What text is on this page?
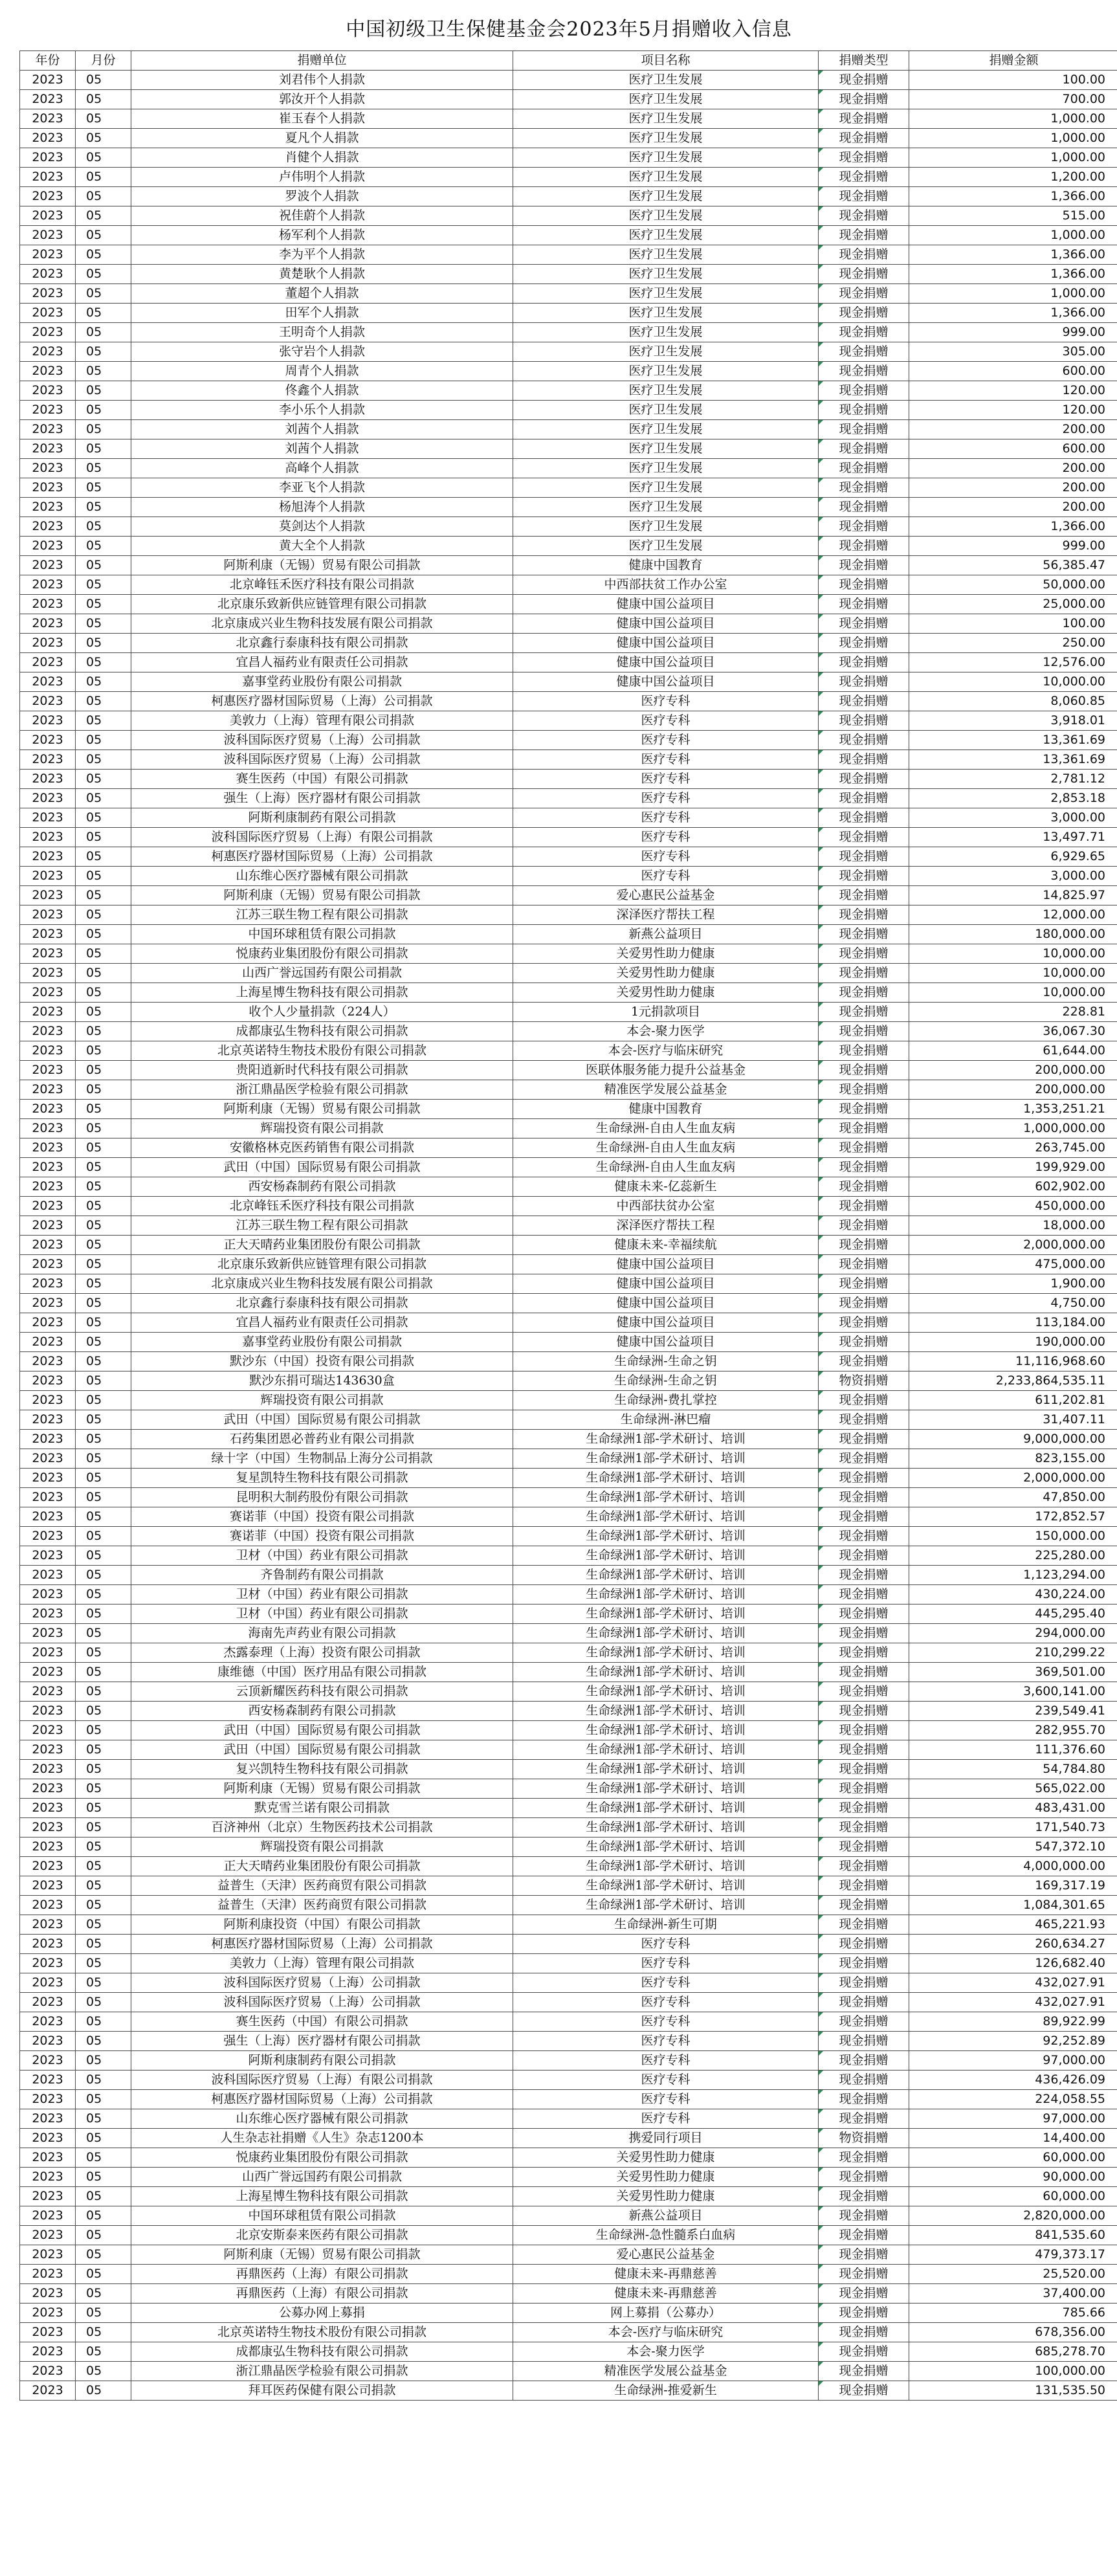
中国初级卫生保健基金会2023年5月捐赠收入信息
年份	月份	捐赠单位	项目名称	捐赠类型	捐赠金额
2023	05	刘君伟个人捐款	医疗卫生发展	现金捐赠	100.00
2023	05	郭汝开个人捐款	医疗卫生发展	现金捐赠	700.00
2023	05	崔玉春个人捐款	医疗卫生发展	现金捐赠	1,000.00
2023	05	夏凡个人捐款	医疗卫生发展	现金捐赠	1,000.00
2023	05	肖健个人捐款	医疗卫生发展	现金捐赠	1,000.00
2023	05	卢伟明个人捐款	医疗卫生发展	现金捐赠	1,200.00
2023	05	罗波个人捐款	医疗卫生发展	现金捐赠	1,366.00
2023	05	祝佳蔚个人捐款	医疗卫生发展	现金捐赠	515.00
2023	05	杨军利个人捐款	医疗卫生发展	现金捐赠	1,000.00
2023	05	李为平个人捐款	医疗卫生发展	现金捐赠	1,366.00
2023	05	黄楚耿个人捐款	医疗卫生发展	现金捐赠	1,366.00
2023	05	董超个人捐款	医疗卫生发展	现金捐赠	1,000.00
2023	05	田军个人捐款	医疗卫生发展	现金捐赠	1,366.00
2023	05	王明奇个人捐款	医疗卫生发展	现金捐赠	999.00
2023	05	张守岩个人捐款	医疗卫生发展	现金捐赠	305.00
2023	05	周青个人捐款	医疗卫生发展	现金捐赠	600.00
2023	05	佟鑫个人捐款	医疗卫生发展	现金捐赠	120.00
2023	05	李小乐个人捐款	医疗卫生发展	现金捐赠	120.00
2023	05	刘茜个人捐款	医疗卫生发展	现金捐赠	200.00
2023	05	刘茜个人捐款	医疗卫生发展	现金捐赠	600.00
2023	05	高峰个人捐款	医疗卫生发展	现金捐赠	200.00
2023	05	李亚飞个人捐款	医疗卫生发展	现金捐赠	200.00
2023	05	杨旭涛个人捐款	医疗卫生发展	现金捐赠	200.00
2023	05	莫剑达个人捐款	医疗卫生发展	现金捐赠	1,366.00
2023	05	黄大全个人捐款	医疗卫生发展	现金捐赠	999.00
2023	05	阿斯利康（无锡）贸易有限公司捐款	健康中国教育	现金捐赠	56,385.47
2023	05	北京峰钰禾医疗科技有限公司捐款	中西部扶贫工作办公室	现金捐赠	50,000.00
2023	05	北京康乐致新供应链管理有限公司捐款	健康中国公益项目	现金捐赠	25,000.00
2023	05	北京康成兴业生物科技发展有限公司捐款	健康中国公益项目	现金捐赠	100.00
2023	05	北京鑫行泰康科技有限公司捐款	健康中国公益项目	现金捐赠	250.00
2023	05	宜昌人福药业有限责任公司捐款	健康中国公益项目	现金捐赠	12,576.00
2023	05	嘉事堂药业股份有限公司捐款	健康中国公益项目	现金捐赠	10,000.00
2023	05	柯惠医疗器材国际贸易（上海）公司捐款	医疗专科	现金捐赠	8,060.85
2023	05	美敦力（上海）管理有限公司捐款	医疗专科	现金捐赠	3,918.01
2023	05	波科国际医疗贸易（上海）公司捐款	医疗专科	现金捐赠	13,361.69
2023	05	波科国际医疗贸易（上海）公司捐款	医疗专科	现金捐赠	13,361.69
2023	05	赛生医药（中国）有限公司捐款	医疗专科	现金捐赠	2,781.12
2023	05	强生（上海）医疗器材有限公司捐款	医疗专科	现金捐赠	2,853.18
2023	05	阿斯利康制药有限公司捐款	医疗专科	现金捐赠	3,000.00
2023	05	波科国际医疗贸易（上海）有限公司捐款	医疗专科	现金捐赠	13,497.71
2023	05	柯惠医疗器材国际贸易（上海）公司捐款	医疗专科	现金捐赠	6,929.65
2023	05	山东维心医疗器械有限公司捐款	医疗专科	现金捐赠	3,000.00
2023	05	阿斯利康（无锡）贸易有限公司捐款	爱心惠民公益基金	现金捐赠	14,825.97
2023	05	江苏三联生物工程有限公司捐款	深泽医疗帮扶工程	现金捐赠	12,000.00
2023	05	中国环球租赁有限公司捐款	新燕公益项目	现金捐赠	180,000.00
2023	05	悦康药业集团股份有限公司捐款	关爱男性助力健康	现金捐赠	10,000.00
2023	05	山西广誉远国药有限公司捐款	关爱男性助力健康	现金捐赠	10,000.00
2023	05	上海星博生物科技有限公司捐款	关爱男性助力健康	现金捐赠	10,000.00
2023	05	收个人少量捐款（224人）	1元捐款项目	现金捐赠	228.81
2023	05	成都康弘生物科技有限公司捐款	本会-聚力医学	现金捐赠	36,067.30
2023	05	北京英诺特生物技术股份有限公司捐款	本会-医疗与临床研究	现金捐赠	61,644.00
2023	05	贵阳逍新时代科技有限公司捐款	医联体服务能力提升公益基金	现金捐赠	200,000.00
2023	05	浙江鼎晶医学检验有限公司捐款	精准医学发展公益基金	现金捐赠	200,000.00
2023	05	阿斯利康（无锡）贸易有限公司捐款	健康中国教育	现金捐赠	1,353,251.21
2023	05	辉瑞投资有限公司捐款	生命绿洲-自由人生血友病	现金捐赠	1,000,000.00
2023	05	安徽格林克医药销售有限公司捐款	生命绿洲-自由人生血友病	现金捐赠	263,745.00
2023	05	武田（中国）国际贸易有限公司捐款	生命绿洲-自由人生血友病	现金捐赠	199,929.00
2023	05	西安杨森制药有限公司捐款	健康未来-亿蕊新生	现金捐赠	602,902.00
2023	05	北京峰钰禾医疗科技有限公司捐款	中西部扶贫办公室	现金捐赠	450,000.00
2023	05	江苏三联生物工程有限公司捐款	深泽医疗帮扶工程	现金捐赠	18,000.00
2023	05	正大天晴药业集团股份有限公司捐款	健康未来-幸福续航	现金捐赠	2,000,000.00
2023	05	北京康乐致新供应链管理有限公司捐款	健康中国公益项目	现金捐赠	475,000.00
2023	05	北京康成兴业生物科技发展有限公司捐款	健康中国公益项目	现金捐赠	1,900.00
2023	05	北京鑫行泰康科技有限公司捐款	健康中国公益项目	现金捐赠	4,750.00
2023	05	宜昌人福药业有限责任公司捐款	健康中国公益项目	现金捐赠	113,184.00
2023	05	嘉事堂药业股份有限公司捐款	健康中国公益项目	现金捐赠	190,000.00
2023	05	默沙东（中国）投资有限公司捐款	生命绿洲-生命之钥	现金捐赠	11,116,968.60
2023	05	默沙东捐可瑞达143630盒	生命绿洲-生命之钥	物资捐赠	2,233,864,535.11
2023	05	辉瑞投资有限公司捐款	生命绿洲-费扎掌控	现金捐赠	611,202.81
2023	05	武田（中国）国际贸易有限公司捐款	生命绿洲-淋巴瘤	现金捐赠	31,407.11
2023	05	石药集团恩必普药业有限公司捐款	生命绿洲1部-学术研讨、培训	现金捐赠	9,000,000.00
2023	05	绿十字（中国）生物制品上海分公司捐款	生命绿洲1部-学术研讨、培训	现金捐赠	823,155.00
2023	05	复星凯特生物科技有限公司捐款	生命绿洲1部-学术研讨、培训	现金捐赠	2,000,000.00
2023	05	昆明积大制药股份有限公司捐款	生命绿洲1部-学术研讨、培训	现金捐赠	47,850.00
2023	05	赛诺菲（中国）投资有限公司捐款	生命绿洲1部-学术研讨、培训	现金捐赠	172,852.57
2023	05	赛诺菲（中国）投资有限公司捐款	生命绿洲1部-学术研讨、培训	现金捐赠	150,000.00
2023	05	卫材（中国）药业有限公司捐款	生命绿洲1部-学术研讨、培训	现金捐赠	225,280.00
2023	05	齐鲁制药有限公司捐款	生命绿洲1部-学术研讨、培训	现金捐赠	1,123,294.00
2023	05	卫材（中国）药业有限公司捐款	生命绿洲1部-学术研讨、培训	现金捐赠	430,224.00
2023	05	卫材（中国）药业有限公司捐款	生命绿洲1部-学术研讨、培训	现金捐赠	445,295.40
2023	05	海南先声药业有限公司捐款	生命绿洲1部-学术研讨、培训	现金捐赠	294,000.00
2023	05	杰露泰理（上海）投资有限公司捐款	生命绿洲1部-学术研讨、培训	现金捐赠	210,299.22
2023	05	康维德（中国）医疗用品有限公司捐款	生命绿洲1部-学术研讨、培训	现金捐赠	369,501.00
2023	05	云顶新耀医药科技有限公司捐款	生命绿洲1部-学术研讨、培训	现金捐赠	3,600,141.00
2023	05	西安杨森制药有限公司捐款	生命绿洲1部-学术研讨、培训	现金捐赠	239,549.41
2023	05	武田（中国）国际贸易有限公司捐款	生命绿洲1部-学术研讨、培训	现金捐赠	282,955.70
2023	05	武田（中国）国际贸易有限公司捐款	生命绿洲1部-学术研讨、培训	现金捐赠	111,376.60
2023	05	复兴凯特生物科技有限公司捐款	生命绿洲1部-学术研讨、培训	现金捐赠	54,784.80
2023	05	阿斯利康（无锡）贸易有限公司捐款	生命绿洲1部-学术研讨、培训	现金捐赠	565,022.00
2023	05	默克雪兰诺有限公司捐款	生命绿洲1部-学术研讨、培训	现金捐赠	483,431.00
2023	05	百济神州（北京）生物医药技术公司捐款	生命绿洲1部-学术研讨、培训	现金捐赠	171,540.73
2023	05	辉瑞投资有限公司捐款	生命绿洲1部-学术研讨、培训	现金捐赠	547,372.10
2023	05	正大天晴药业集团股份有限公司捐款	生命绿洲1部-学术研讨、培训	现金捐赠	4,000,000.00
2023	05	益普生（天津）医药商贸有限公司捐款	生命绿洲1部-学术研讨、培训	现金捐赠	169,317.19
2023	05	益普生（天津）医药商贸有限公司捐款	生命绿洲1部-学术研讨、培训	现金捐赠	1,084,301.65
2023	05	阿斯利康投资（中国）有限公司捐款	生命绿洲-新生可期	现金捐赠	465,221.93
2023	05	柯惠医疗器材国际贸易（上海）公司捐款	医疗专科	现金捐赠	260,634.27
2023	05	美敦力（上海）管理有限公司捐款	医疗专科	现金捐赠	126,682.40
2023	05	波科国际医疗贸易（上海）公司捐款	医疗专科	现金捐赠	432,027.91
2023	05	波科国际医疗贸易（上海）公司捐款	医疗专科	现金捐赠	432,027.91
2023	05	赛生医药（中国）有限公司捐款	医疗专科	现金捐赠	89,922.99
2023	05	强生（上海）医疗器材有限公司捐款	医疗专科	现金捐赠	92,252.89
2023	05	阿斯利康制药有限公司捐款	医疗专科	现金捐赠	97,000.00
2023	05	波科国际医疗贸易（上海）有限公司捐款	医疗专科	现金捐赠	436,426.09
2023	05	柯惠医疗器材国际贸易（上海）公司捐款	医疗专科	现金捐赠	224,058.55
2023	05	山东维心医疗器械有限公司捐款	医疗专科	现金捐赠	97,000.00
2023	05	人生杂志社捐赠《人生》杂志1200本	携爱同行项目	物资捐赠	14,400.00
2023	05	悦康药业集团股份有限公司捐款	关爱男性助力健康	现金捐赠	60,000.00
2023	05	山西广誉远国药有限公司捐款	关爱男性助力健康	现金捐赠	90,000.00
2023	05	上海星博生物科技有限公司捐款	关爱男性助力健康	现金捐赠	60,000.00
2023	05	中国环球租赁有限公司捐款	新燕公益项目	现金捐赠	2,820,000.00
2023	05	北京安斯泰来医药有限公司捐款	生命绿洲-急性髓系白血病	现金捐赠	841,535.60
2023	05	阿斯利康（无锡）贸易有限公司捐款	爱心惠民公益基金	现金捐赠	479,373.17
2023	05	再鼎医药（上海）有限公司捐款	健康未来-再鼎慈善	现金捐赠	25,520.00
2023	05	再鼎医药（上海）有限公司捐款	健康未来-再鼎慈善	现金捐赠	37,400.00
2023	05	公募办网上募捐	网上募捐（公募办）	现金捐赠	785.66
2023	05	北京英诺特生物技术股份有限公司捐款	本会-医疗与临床研究	现金捐赠	678,356.00
2023	05	成都康弘生物科技有限公司捐款	本会-聚力医学	现金捐赠	685,278.70
2023	05	浙江鼎晶医学检验有限公司捐款	精准医学发展公益基金	现金捐赠	100,000.00
2023	05	拜耳医药保健有限公司捐款	生命绿洲-推爱新生	现金捐赠	131,535.50
